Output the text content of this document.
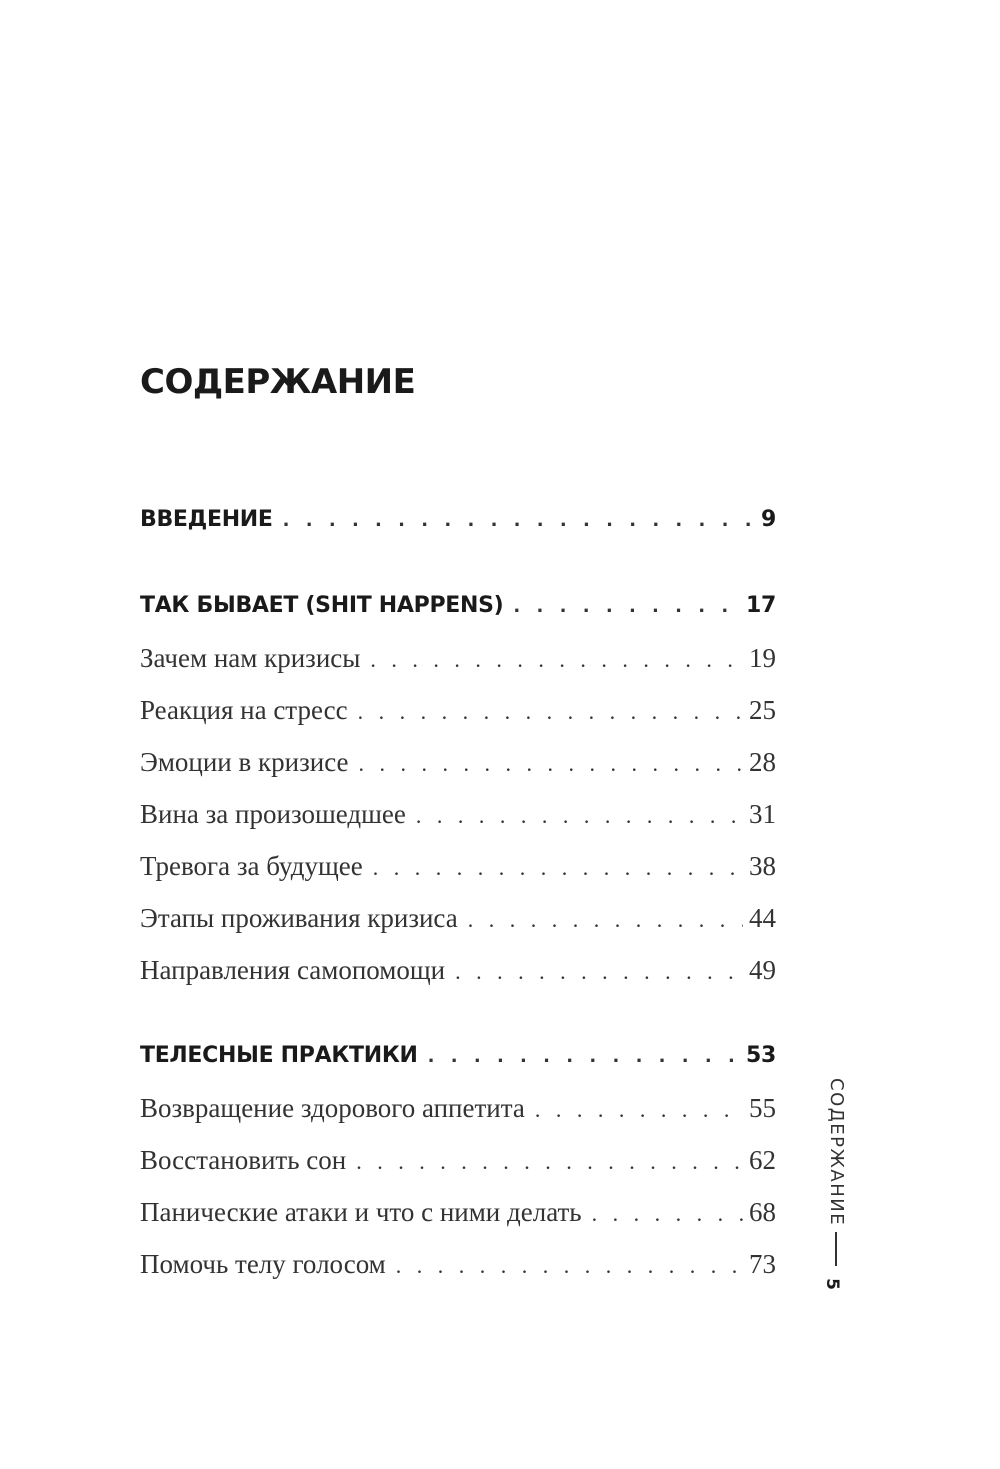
СОДЕРЖАНИЕ
ВВЕДЕНИЕ . . .	9
ТАК БЫВАЕТ (SHIT HAPPENS) . . .	17
Зачем нам кризисы . . .	19
Реакция на стресс . . .	25
Эмоции в кризисе . . .	28
Вина за произошедшее . . .	31
Тревога за будущее . . .	38
Этапы проживания кризиса . . .	44
Направления самопомощи . . .	49
ТЕЛЕСНЫЕ ПРАКТИКИ . . .	53
Возвращение здорового аппетита . . .	55
Восстановить сон . . .	62
Панические атаки и что с ними делать . . .	68
Помочь телу голосом . . .	73
СОДЕРЖАНИЕ
5
